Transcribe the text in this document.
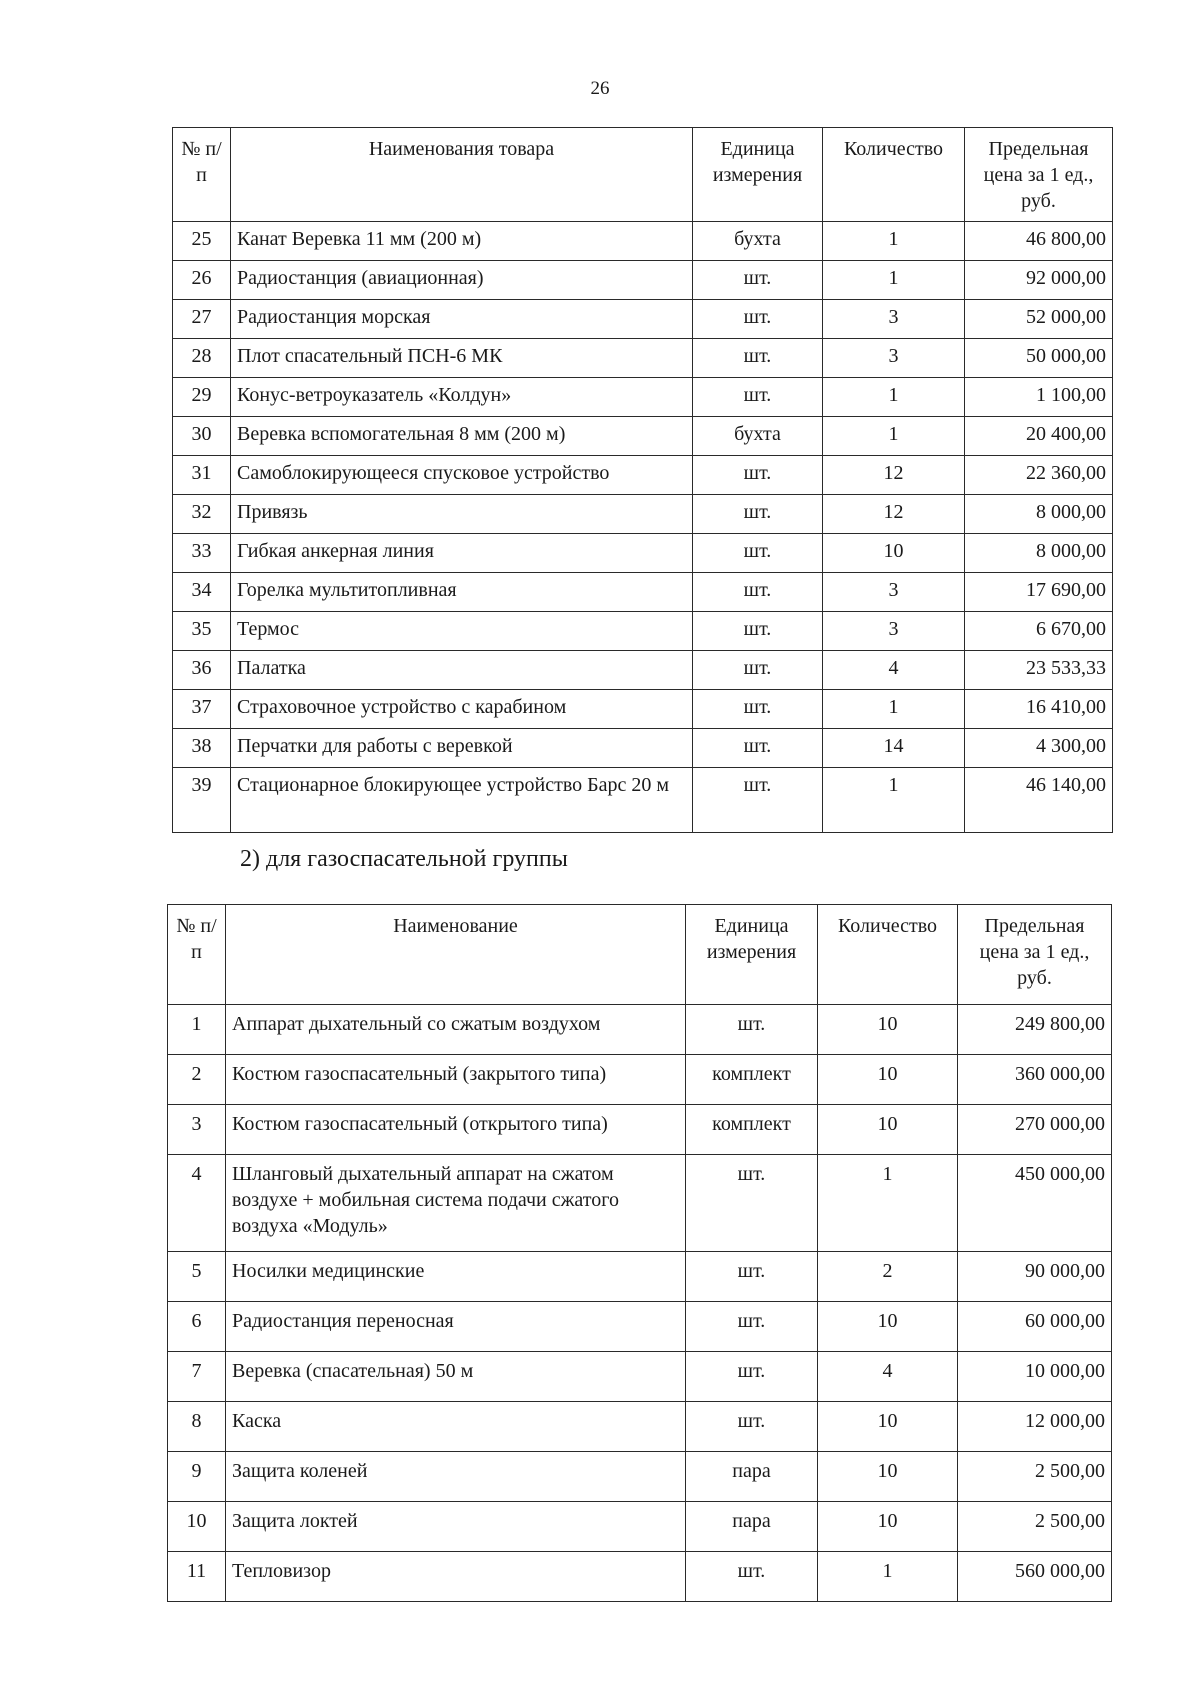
26
№ п/п	Наименования товара	Единица измерения	Количество	Предельная цена за 1 ед., руб.
25	Канат Веревка 11 мм (200 м)	бухта	1	46 800,00
26	Радиостанция (авиационная)	шт.	1	92 000,00
27	Радиостанция морская	шт.	3	52 000,00
28	Плот спасательный ПСН-6 МК	шт.	3	50 000,00
29	Конус-ветроуказатель «Колдун»	шт.	1	1 100,00
30	Веревка вспомогательная 8 мм (200 м)	бухта	1	20 400,00
31	Самоблокирующееся спусковое устройство	шт.	12	22 360,00
32	Привязь	шт.	12	8 000,00
33	Гибкая анкерная линия	шт.	10	8 000,00
34	Горелка мультитопливная	шт.	3	17 690,00
35	Термос	шт.	3	6 670,00
36	Палатка	шт.	4	23 533,33
37	Страховочное устройство с карабином	шт.	1	16 410,00
38	Перчатки для работы с веревкой	шт.	14	4 300,00
39	Стационарное блокирующее устройство Барс 20 м	шт.	1	46 140,00
2) для газоспасательной группы
№ п/п	Наименование	Единица измерения	Количество	Предельная цена за 1 ед., руб.
1	Аппарат дыхательный со сжатым воздухом	шт.	10	249 800,00
2	Костюм газоспасательный (закрытого типа)	комплект	10	360 000,00
3	Костюм газоспасательный (открытого типа)	комплект	10	270 000,00
4	Шланговый дыхательный аппарат на сжатом воздухе + мобильная система подачи сжатого воздуха «Модуль»	шт.	1	450 000,00
5	Носилки медицинские	шт.	2	90 000,00
6	Радиостанция переносная	шт.	10	60 000,00
7	Веревка (спасательная) 50 м	шт.	4	10 000,00
8	Каска	шт.	10	12 000,00
9	Защита коленей	пара	10	2 500,00
10	Защита локтей	пара	10	2 500,00
11	Тепловизор	шт.	1	560 000,00
